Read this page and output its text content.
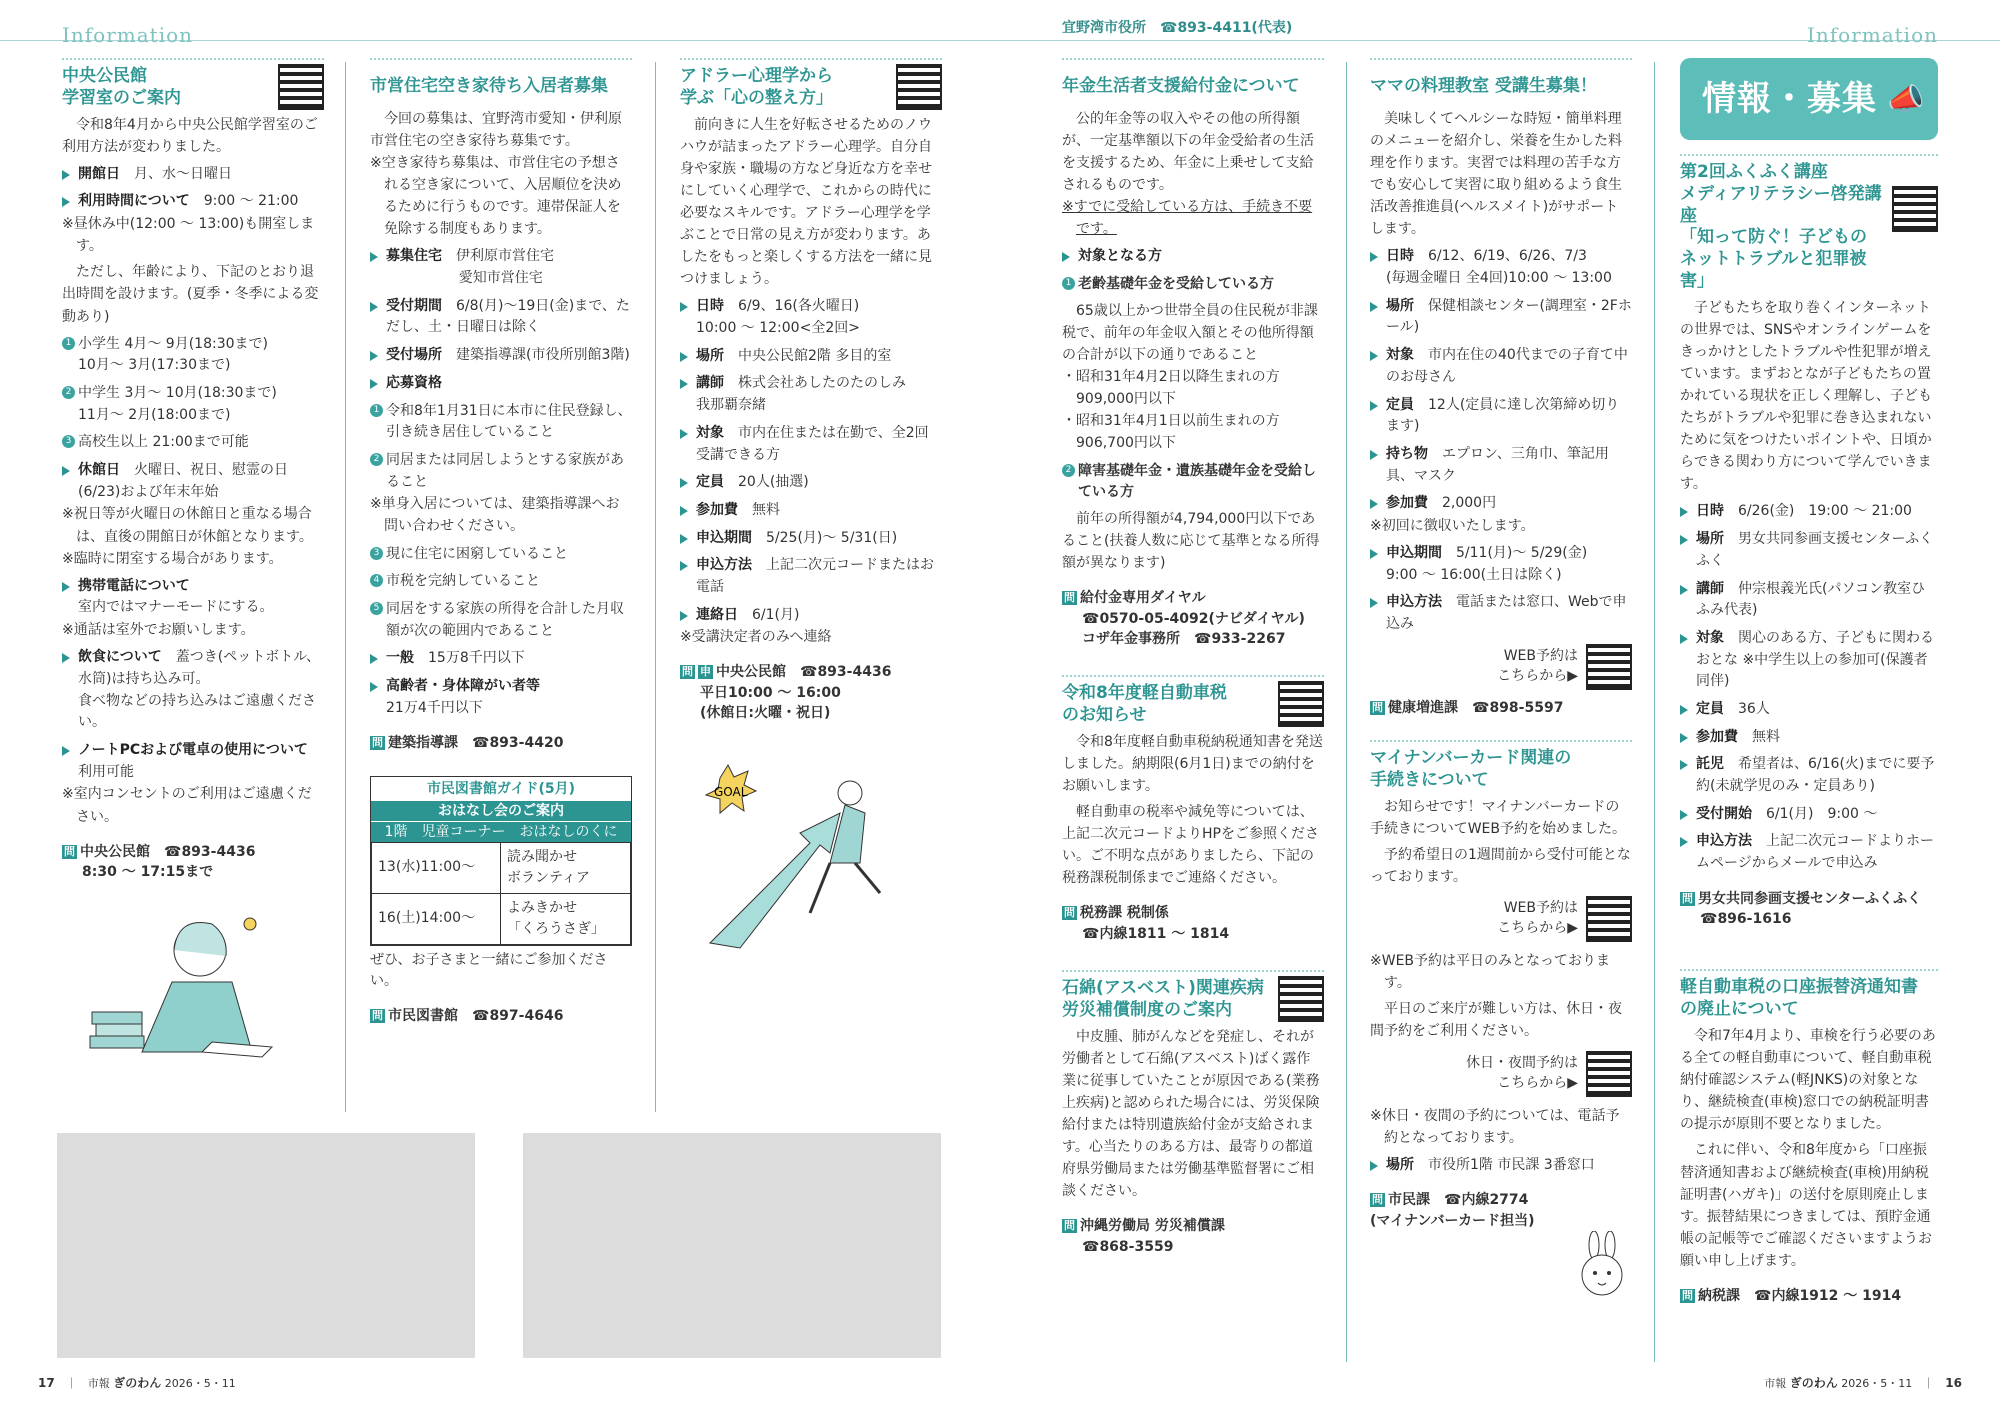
Information	宜野湾市役所　☎893-4411(代表)	Information
中央公民館
学習室のご案内
令和8年4月から中央公民館学習室のご利用方法が変わりました。
開館日　 月、水〜日曜日
利用時間について　 9:00 〜 21:00
※昼休み中(12:00 〜 13:00)も開室します。
ただし、年齢により、下記のとおり退出時間を設けます。(夏季・冬季による変動あり)
1 小学生 4月〜 9月(18:30まで)
10月〜 3月(17:30まで)
2 中学生 3月〜 10月(18:30まで)
11月〜 2月(18:00まで)
3 高校生以上 21:00まで可能
休館日　 火曜日、祝日、慰霊の日(6/23)および年末年始
※祝日等が火曜日の休館日と重なる場合は、直後の開館日が休館となります。
※臨時に閉室する場合があります。
携帯電話について
室内ではマナーモードにする。
※通話は室外でお願いします。
飲食について　 蓋つき(ペットボトル、水筒)は持ち込み可。
食べ物などの持ち込みはご遠慮ください。
ノートPCおよび電卓の使用について
利用可能
※室内コンセントのご利用はご遠慮ください。
問 中央公民館　☎893-4436
8:30 〜 17:15まで
市営住宅空き家待ち入居者募集
今回の募集は、宜野湾市愛知・伊利原市営住宅の空き家待ち募集です。
※空き家待ち募集は、市営住宅の予想される空き家について、入居順位を決めるために行うものです。連帯保証人を免除する制度もあります。
募集住宅　 伊利原市営住宅
愛知市営住宅
受付期間　 6/8(月)〜19日(金)まで、ただし、土・日曜日は除く
受付場所　 建築指導課(市役所別館3階)
応募資格
1 令和8年1月31日に本市に住民登録し、引き続き居住していること
2 同居または同居しようとする家族があること
※単身入居については、建築指導課へお問い合わせください。
3 現に住宅に困窮していること
4 市税を完納していること
5 同居をする家族の所得を合計した月収額が次の範囲内であること
一般　 15万8千円以下
高齢者・身体障がい者等
21万4千円以下
問 建築指導課　☎893-4420
市民図書館ガイド(5月)
おはなし会のご案内
1階　児童コーナー　おはなしのくに
13(水)11:00〜	読み聞かせ
ボランティア

16(土)14:00〜	よみきかせ
「くろうさぎ」
ぜひ、お子さまと一緒にご参加ください。
問 市民図書館　☎897-4646
アドラー心理学から
学ぶ「心の整え方」
前向きに人生を好転させるためのノウハウが詰まったアドラー心理学。自分自身や家族・職場の方など身近な方を幸せにしていく心理学で、これからの時代に必要なスキルです。アドラー心理学を学ぶことで日常の見え方が変わります。あしたをもっと楽しくする方法を一緒に見つけましょう。
日時　 6/9、16(各火曜日)
10:00 〜 12:00<全2回>
場所　 中央公民館2階 多目的室
講師　 株式会社あしたのたのしみ
我那覇奈緒
対象　 市内在住または在勤で、全2回受講できる方
定員　 20人(抽選)
参加費　 無料
申込期間　 5/25(月)〜 5/31(日)
申込方法　 上記二次元コードまたはお電話
連絡日　 6/1(月)
※受講決定者のみへ連絡
問 申 中央公民館　☎893-4436
平日10:00 〜 16:00
(休館日:火曜・祝日)
GOAL
年金生活者支援給付金について
公的年金等の収入やその他の所得額が、一定基準額以下の年金受給者の生活を支援するため、年金に上乗せして支給されるものです。
※すでに受給している方は、手続き不要です。
対象となる方
1 老齢基礎年金を受給している方
65歳以上かつ世帯全員の住民税が非課税で、前年の年金収入額とその他所得額の合計が以下の通りであること
・昭和31年4月2日以降生まれの方 909,000円以下
・昭和31年4月1日以前生まれの方 906,700円以下
2 障害基礎年金・遺族基礎年金を受給している方
前年の所得額が4,794,000円以下であること(扶養人数に応じて基準となる所得額が異なります)
問 給付金専用ダイヤル
☎0570-05-4092(ナビダイヤル)
コザ年金事務所　☎933-2267
令和8年度軽自動車税
のお知らせ
令和8年度軽自動車税納税通知書を発送しました。納期限(6月1日)までの納付をお願いします。
軽自動車の税率や減免等については、上記二次元コードよりHPをご参照ください。ご不明な点がありましたら、下記の税務課税制係までご連絡ください。
問 税務課 税制係
☎内線1811 〜 1814
石綿(アスベスト)関連疾病
労災補償制度のご案内
中皮腫、肺がんなどを発症し、それが労働者として石綿(アスベスト)ばく露作業に従事していたことが原因である(業務上疾病)と認められた場合には、労災保険給付または特別遺族給付金が支給されます。心当たりのある方は、最寄りの都道府県労働局または労働基準監督署にご相談ください。
問 沖縄労働局 労災補償課
☎868-3559
ママの料理教室 受講生募集！
美味しくてヘルシーな時短・簡単料理のメニューを紹介し、栄養を生かした料理を作ります。実習では料理の苦手な方でも安心して実習に取り組めるよう食生活改善推進員(ヘルスメイト)がサポートします。
日時　 6/12、6/19、6/26、7/3
(毎週金曜日 全4回)10:00 〜 13:00
場所　 保健相談センター(調理室・2Fホール)
対象　 市内在住の40代までの子育て中のお母さん
定員　 12人(定員に達し次第締め切ります)
持ち物　 エプロン、三角巾、筆記用具、マスク
参加費　 2,000円
※初回に徴収いたします。
申込期間　 5/11(月)〜 5/29(金)
9:00 〜 16:00(土日は除く)
申込方法　 電話または窓口、Webで申込み
WEB予約は
こちらから▶
問 健康増進課　☎898-5597
マイナンバーカード関連の
手続きについて
お知らせです！マイナンバーカードの手続きについてWEB予約を始めました。
予約希望日の1週間前から受付可能となっております。
WEB予約は
こちらから▶
※WEB予約は平日のみとなっております。
平日のご来庁が難しい方は、休日・夜間予約をご利用ください。
休日・夜間予約は
こちらから▶
※休日・夜間の予約については、電話予約となっております。
場所　 市役所1階 市民課 3番窓口
問 市民課　☎内線2774
(マイナンバーカード担当)
情報・募集 📣
第2回ふくふく講座
メディアリテラシー啓発講座
「知って防ぐ！子どもの
ネットトラブルと犯罪被害」
子どもたちを取り巻くインターネットの世界では、SNSやオンラインゲームをきっかけとしたトラブルや性犯罪が増えています。まずおとなが子どもたちの置かれている現状を正しく理解し、子どもたちがトラブルや犯罪に巻き込まれないために気をつけたいポイントや、日頃からできる関わり方について学んでいきます。
日時　 6/26(金)　19:00 〜 21:00
場所　 男女共同参画支援センターふくふく
講師　 仲宗根義光氏(パソコン教室ひふみ代表)
対象　 関心のある方、子どもに関わるおとな ※中学生以上の参加可(保護者同伴)
定員　 36人
参加費　 無料
託児　 希望者は、6/16(火)までに要予約(未就学児のみ・定員あり)
受付開始　 6/1(月)　9:00 〜
申込方法　 上記二次元コードよりホームページからメールで申込み
問 男女共同参画支援センターふくふく
☎896-1616
軽自動車税の口座振替済通知書
の廃止について
令和7年4月より、車検を行う必要のある全ての軽自動車について、軽自動車税納付確認システム(軽JNKS)の対象となり、継続検査(車検)窓口での納税証明書の提示が原則不要となりました。
これに伴い、令和8年度から「口座振替済通知書および継続検査(車検)用納税証明書(ハガキ)」の送付を原則廃止します。振替結果につきましては、預貯金通帳の記帳等でご確認くださいますようお願い申し上げます。
問 納税課　☎内線1912 〜 1914
17　｜　市報 ぎのわん 2026・5・11	市報 ぎのわん 2026・5・11　｜　16
